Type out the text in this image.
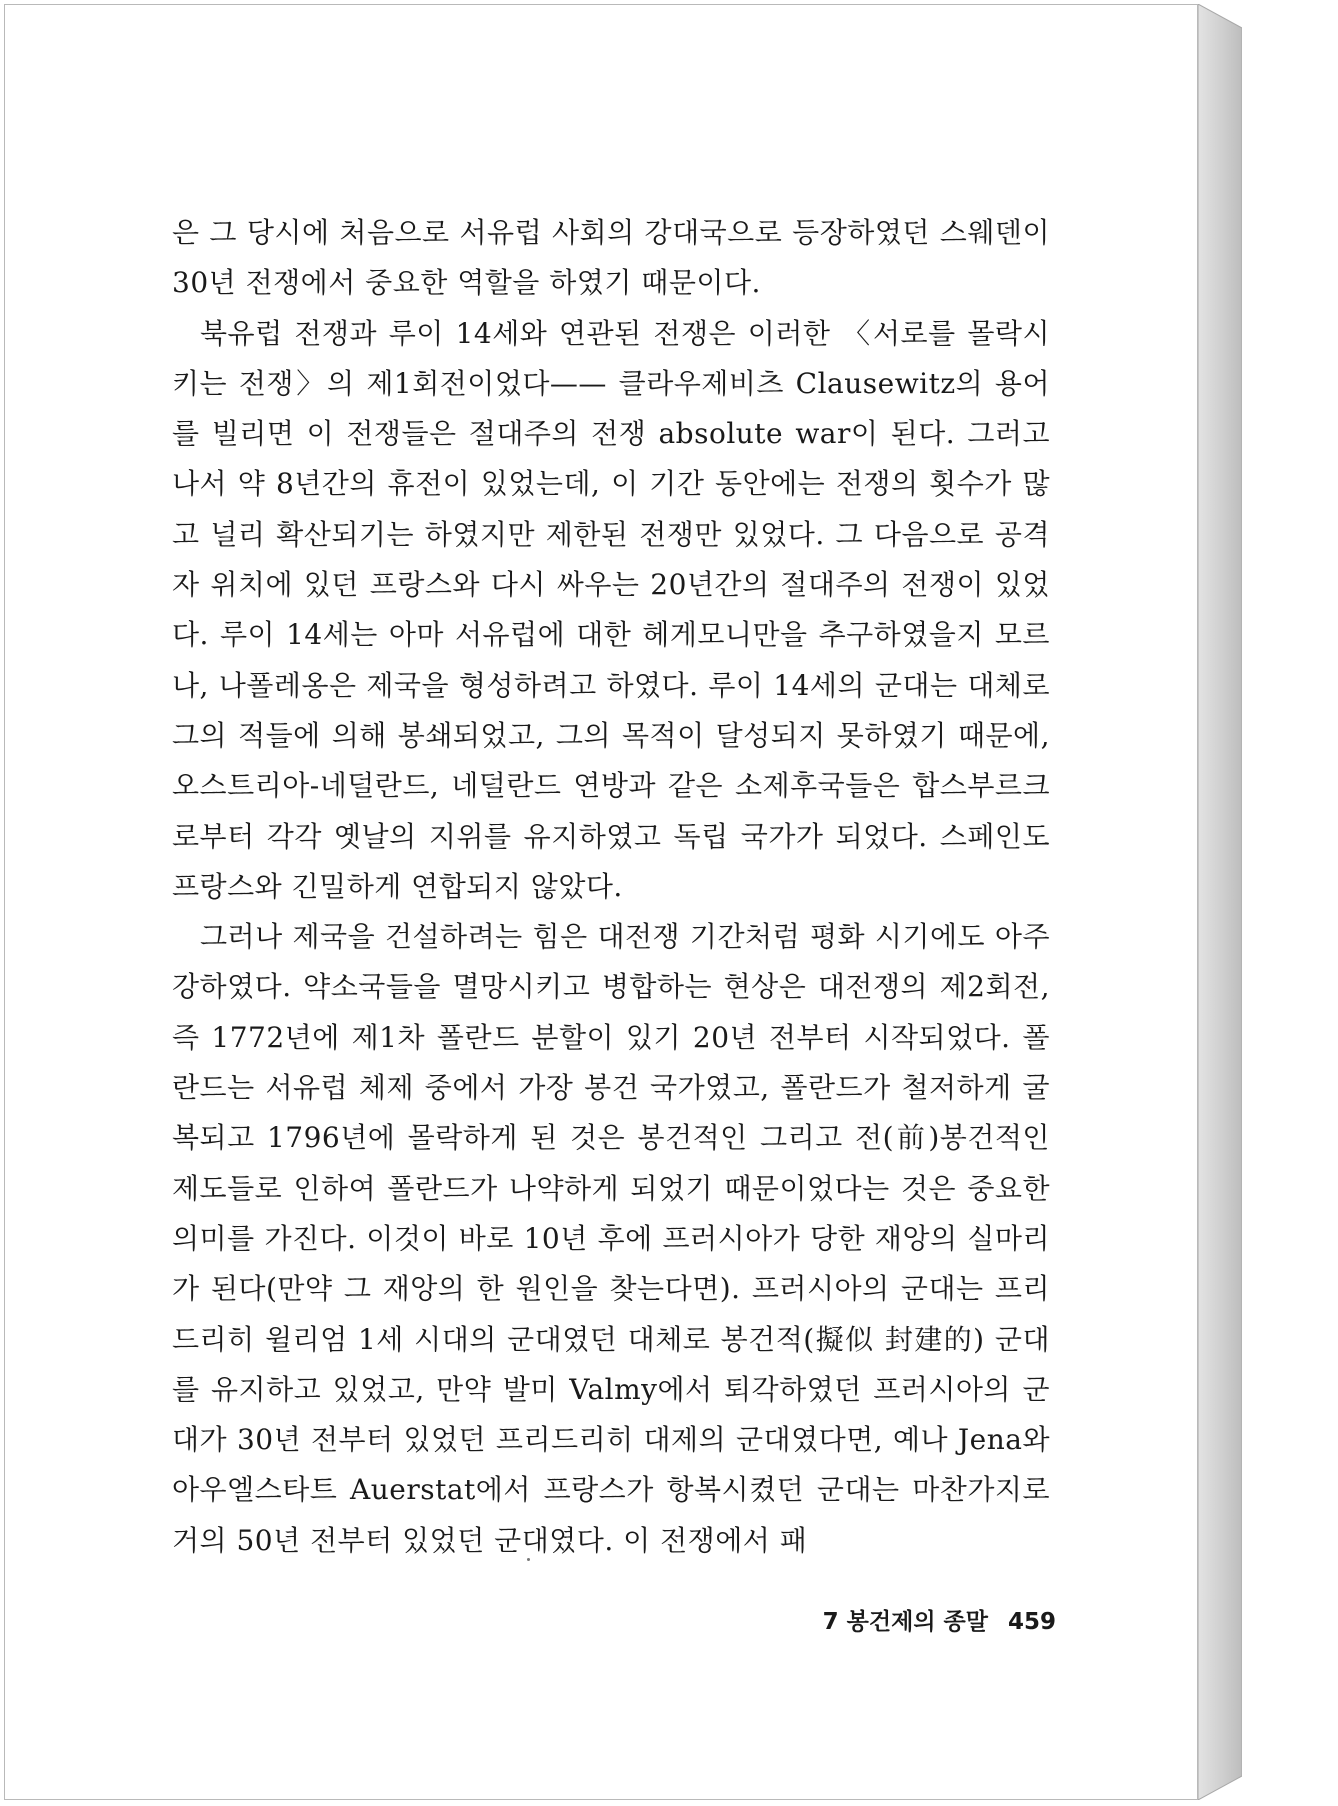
은 그 당시에 처음으로 서유럽 사회의 강대국으로 등장하였던 스웨덴이 30년 전쟁에서 중요한 역할을 하였기 때문이다.

북유럽 전쟁과 루이 14세와 연관된 전쟁은 이러한 〈서로를 몰락시키는 전쟁〉의 제1회전이었다—— 클라우제비츠 Clausewitz의 용어를 빌리면 이 전쟁들은 절대주의 전쟁 absolute war이 된다. 그러고 나서 약 8년간의 휴전이 있었는데, 이 기간 동안에는 전쟁의 횟수가 많고 널리 확산되기는 하였지만 제한된 전쟁만 있었다. 그 다음으로 공격자 위치에 있던 프랑스와 다시 싸우는 20년간의 절대주의 전쟁이 있었다. 루이 14세는 아마 서유럽에 대한 헤게모니만을 추구하였을지 모르나, 나폴레옹은 제국을 형성하려고 하였다. 루이 14세의 군대는 대체로 그의 적들에 의해 봉쇄되었고, 그의 목적이 달성되지 못하였기 때문에, 오스트리아-네덜란드, 네덜란드 연방과 같은 소제후국들은 합스부르크로부터 각각 옛날의 지위를 유지하였고 독립 국가가 되었다. 스페인도 프랑스와 긴밀하게 연합되지 않았다.

그러나 제국을 건설하려는 힘은 대전쟁 기간처럼 평화 시기에도 아주 강하였다. 약소국들을 멸망시키고 병합하는 현상은 대전쟁의 제2회전, 즉 1772년에 제1차 폴란드 분할이 있기 20년 전부터 시작되었다. 폴란드는 서유럽 체제 중에서 가장 봉건 국가였고, 폴란드가 철저하게 굴복되고 1796년에 몰락하게 된 것은 봉건적인 그리고 전(前)봉건적인 제도들로 인하여 폴란드가 나약하게 되었기 때문이었다는 것은 중요한 의미를 가진다. 이것이 바로 10년 후에 프러시아가 당한 재앙의 실마리가 된다(만약 그 재앙의 한 원인을 찾는다면). 프러시아의 군대는 프리드리히 윌리엄 1세 시대의 군대였던 대체로 봉건적(擬似 封建的) 군대를 유지하고 있었고, 만약 발미 Valmy에서 퇴각하였던 프러시아의 군대가 30년 전부터 있었던 프리드리히 대제의 군대였다면, 예나 Jena와 아우엘스타트 Auerstat에서 프랑스가 항복시켰던 군대는 마찬가지로 거의 50년 전부터 있었던 군대였다. 이 전쟁에서 패

7 봉건제의 종말 459
